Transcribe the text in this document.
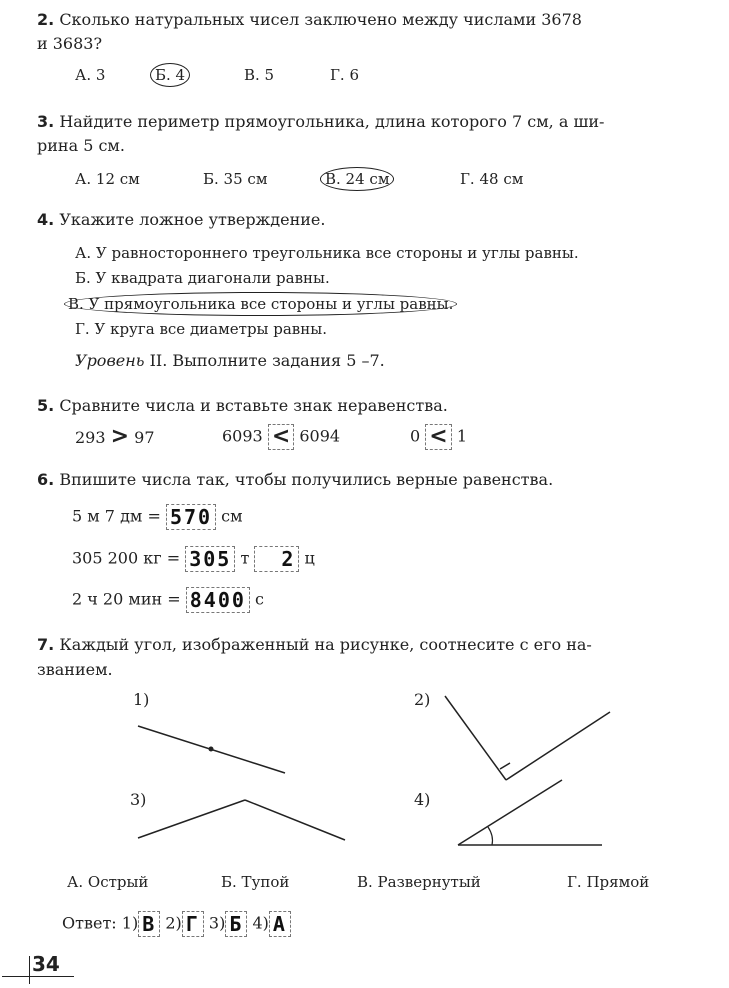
2. Сколько натуральных чисел заключено между числами 3678
и 3683?
А. 3	Б. 4	В. 5	Г. 6
3. Найдите периметр прямоугольника, длина которого 7 см, а ши-
рина 5 см.
А. 12 см	Б. 35 см	В. 24 см	Г. 48 см
4. Укажите ложное утверждение.
А. У равностороннего треугольника все стороны и углы равны.
Б. У квадрата диагонали равны.
В. У прямоугольника все стороны и углы равны.
Г. У круга все диаметры равны.
Уровень II. Выполните задания 5 –7.
5. Сравните числа и вставьте знак неравенства.
293 > 97	6093 < 6094	0 < 1
6. Впишите числа так, чтобы получились верные равенства.
5 м 7 дм = 570 см
305 200 кг = 305 т 2 ц
2 ч 20 мин = 8400 с
7. Каждый угол, изображенный на рисунке, соотнесите с его на-
званием.
1)	2)
3)	4)
А. Острый	Б. Тупой	В. Развернутый	Г. Прямой
Ответ: 1) В 2) Г 3) Б 4) А
34
